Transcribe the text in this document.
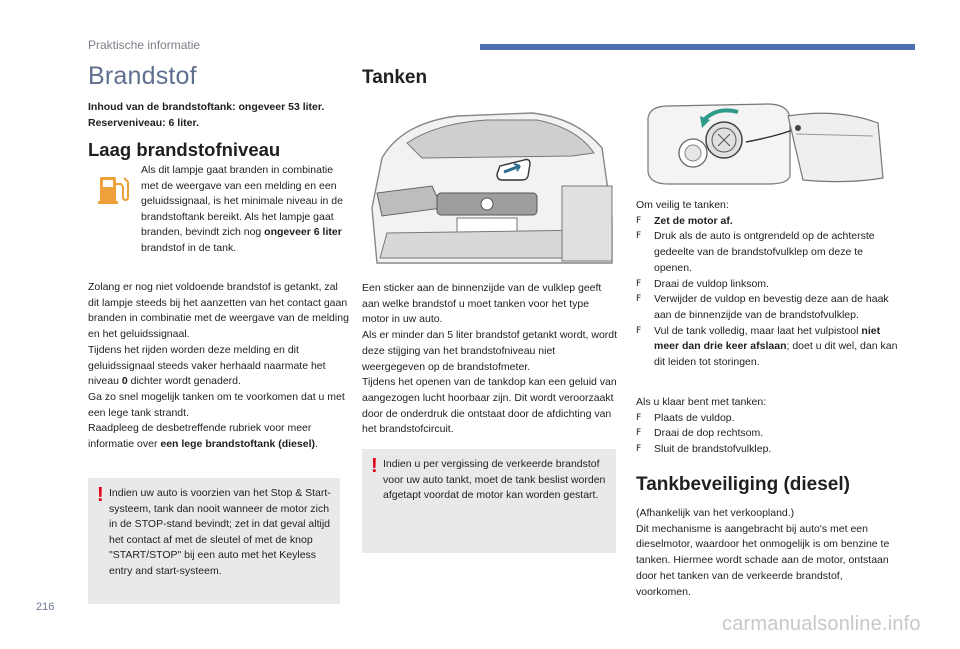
Praktische informatie
Brandstof
Inhoud van de brandstoftank: ongeveer 53 liter.
Reserveniveau: 6 liter.
Laag brandstofniveau
Als dit lampje gaat branden in combinatie met de weergave van een melding en een geluidssignaal, is het minimale niveau in de brandstoftank bereikt. Als het lampje gaat branden, bevindt zich nog ongeveer 6 liter brandstof in de tank.
Zolang er nog niet voldoende brandstof is getankt, zal dit lampje steeds bij het aanzetten van het contact gaan branden in combinatie met de weergave van de melding en het geluidssignaal.
Tijdens het rijden worden deze melding en dit geluidssignaal steeds vaker herhaald naarmate het niveau 0 dichter wordt genaderd.
Ga zo snel mogelijk tanken om te voorkomen dat u met een lege tank strandt.
Raadpleeg de desbetreffende rubriek voor meer informatie over een lege brandstoftank (diesel).
! Indien uw auto is voorzien van het Stop & Start-systeem, tank dan nooit wanneer de motor zich in de STOP-stand bevindt; zet in dat geval altijd het contact af met de sleutel of met de knop "START/STOP" bij een auto met het Keyless entry and start-systeem.
Tanken
Een sticker aan de binnenzijde van de vulklep geeft aan welke brandstof u moet tanken voor het type motor in uw auto.
Als er minder dan 5 liter brandstof getankt wordt, wordt deze stijging van het brandstofniveau niet weergegeven op de brandstofmeter.
Tijdens het openen van de tankdop kan een geluid van aangezogen lucht hoorbaar zijn. Dit wordt veroorzaakt door de onderdruk die ontstaat door de afdichting van het brandstofcircuit.
! Indien u per vergissing de verkeerde brandstof voor uw auto tankt, moet de tank beslist worden afgetapt voordat de motor kan worden gestart.
Om veilig te tanken:
F	Zet de motor af.
F	Druk als de auto is ontgrendeld op de achterste gedeelte van de brandstofvulklep om deze te openen.
F	Draai de vuldop linksom.
F	Verwijder de vuldop en bevestig deze aan de haak aan de binnenzijde van de brandstofvulklep.
F	Vul de tank volledig, maar laat het vulpistool niet meer dan drie keer afslaan; doet u dit wel, dan kan dit leiden tot storingen.
Als u klaar bent met tanken:
F	Plaats de vuldop.
F	Draai de dop rechtsom.
F	Sluit de brandstofvulklep.
Tankbeveiliging (diesel)
(Afhankelijk van het verkoopland.)
Dit mechanisme is aangebracht bij auto's met een dieselmotor, waardoor het onmogelijk is om benzine te tanken. Hiermee wordt schade aan de motor, ontstaan door het tanken van de verkeerde brandstof, voorkomen.
216
carmanualsonline.info
